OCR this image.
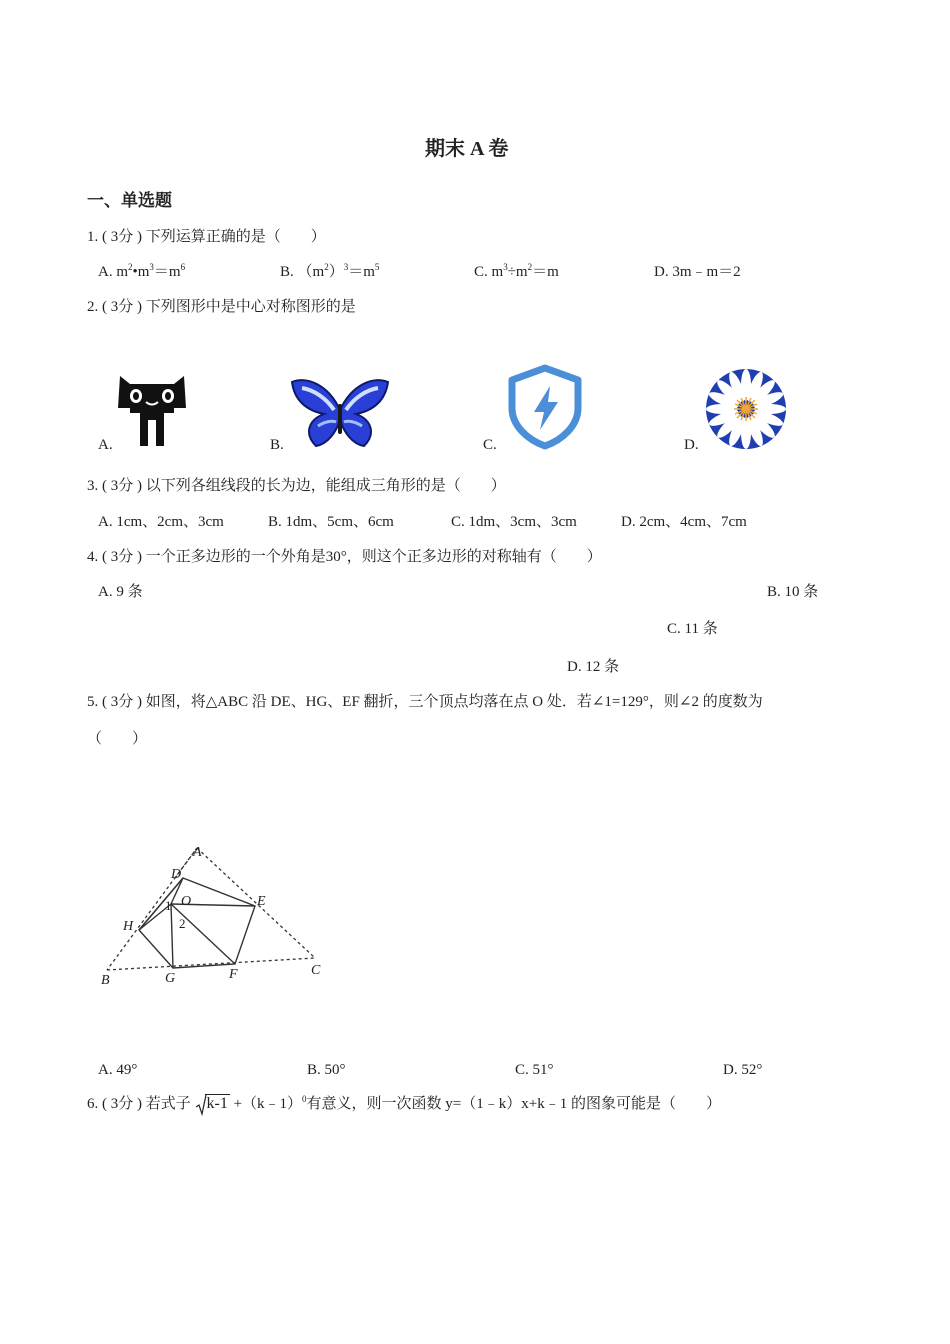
期末 A 卷
一、单选题
1. ( 3分 ) 下列运算正确的是（　　）
A. $m^2•m^3=m^6$	B. $(m^2)^3=m^5$	C. $m^3\div m^2=m$	D. 3m﹣m＝2
2. ( 3分 ) 下列图形中是中心对称图形的是
A.	B.	C.	D.
3. ( 3分 ) 以下列各组线段的长为边，能组成三角形的是（　　）
A. 1cm、2cm、3cm	B. 1dm、5cm、6cm	C. 1dm、3cm、3cm	D. 2cm、4cm、7cm
4. ( 3分 ) 一个正多边形的一个外角是30°，则这个正多边形的对称轴有（　　）
A. 9 条	B. 10 条
C. 11 条
D. 12 条
5. ( 3分 ) 如图，将△ABC 沿 DE、HG、EF 翻折，三个顶点均落在点 O 处．若∠1=129°，则∠2 的度数为
（　　）
A
D
O	E
H
B	G	F	C
1
2
A. 49°	B. 50°	C. 51°	D. 52°
6. ( 3分 ) 若式子 k-1 +（k﹣1）$^0$有意义，则一次函数 y=（1﹣k）x+k﹣1 的图象可能是（　　）
